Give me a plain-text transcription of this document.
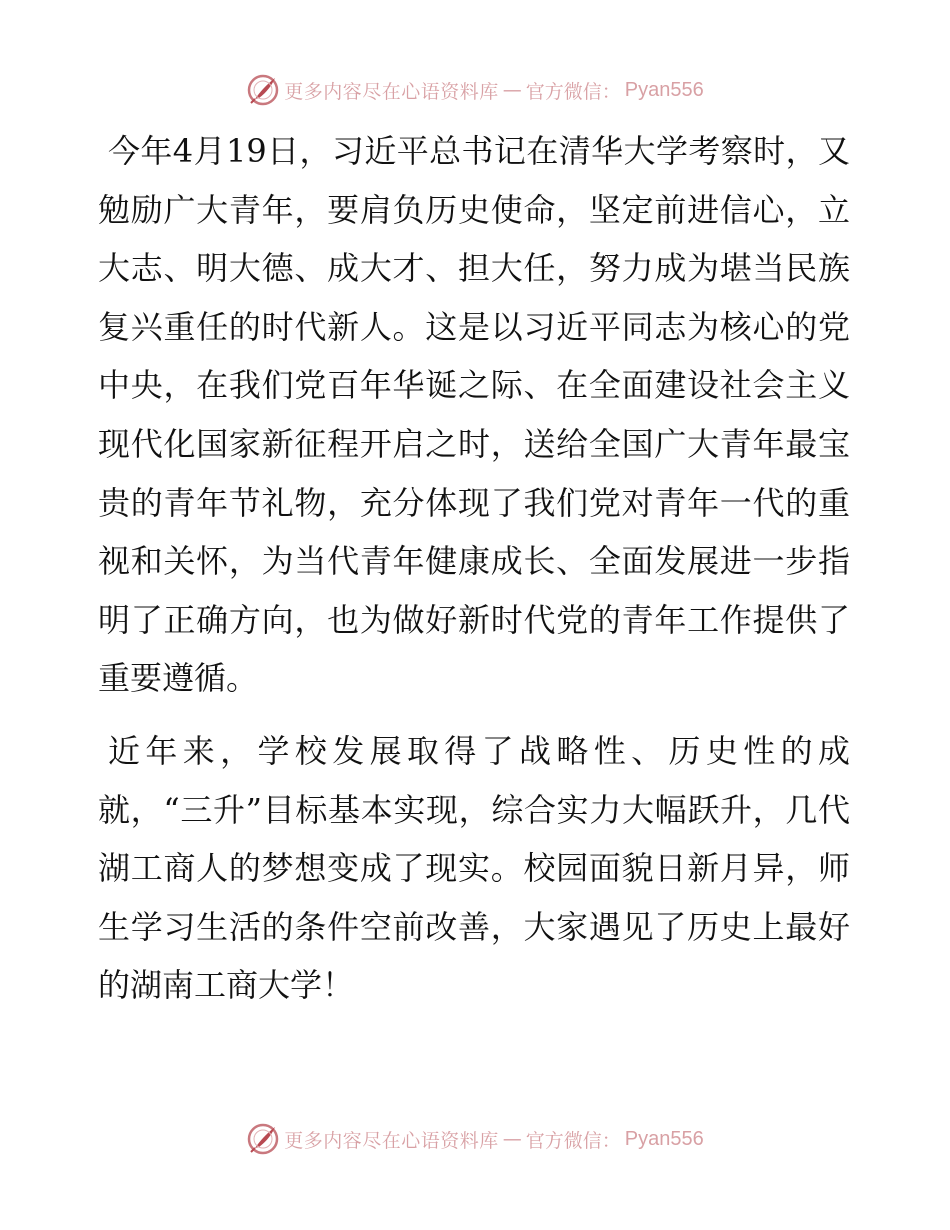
更多内容尽在心语资料库 — 官方微信： Pyan556

今年4月19日，习近平总书记在清华大学考察时，又勉励广大青年，要肩负历史使命，坚定前进信心，立大志、明大德、成大才、担大任，努力成为堪当民族复兴重任的时代新人。这是以习近平同志为核心的党中央，在我们党百年华诞之际、在全面建设社会主义现代化国家新征程开启之时，送给全国广大青年最宝贵的青年节礼物，充分体现了我们党对青年一代的重视和关怀，为当代青年健康成长、全面发展进一步指明了正确方向，也为做好新时代党的青年工作提供了重要遵循。

近年来，学校发展取得了战略性、历史性的成就，“三升”目标基本实现，综合实力大幅跃升，几代湖工商人的梦想变成了现实。校园面貌日新月异，师生学习生活的条件空前改善，大家遇见了历史上最好的湖南工商大学！

更多内容尽在心语资料库 — 官方微信： Pyan556
